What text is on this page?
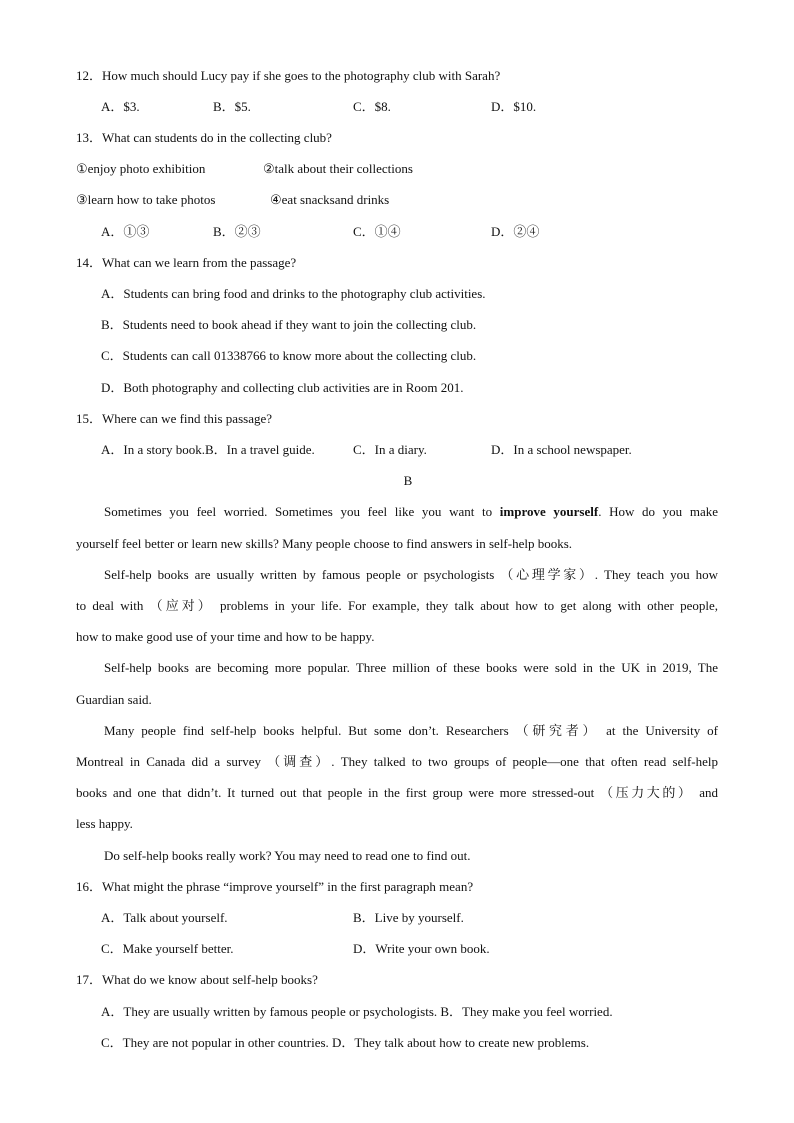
12．How much should Lucy pay if she goes to the photography club with Sarah?
A．$3.	B．$5.	C．$8.	D．$10.
13．What can students do in the collecting club?
①enjoy photo exhibition	②talk about their collections
③learn how to take photos	④eat snacksand drinks
A．①③	B．②③	C．①④	D．②④
14．What can we learn from the passage?
A．Students can bring food and drinks to the photography club activities.
B．Students need to book ahead if they want to join the collecting club.
C．Students can call 01338766 to know more about the collecting club.
D．Both photography and collecting club activities are in Room 201.
15．Where can we find this passage?
A．In a story book.B．In a travel guide.	C．In a diary.	D．In a school newspaper.
B
Sometimes you feel worried. Sometimes you feel like you want to improve yourself. How do you make
yourself feel better or learn new skills? Many people choose to find answers in self-help books.
Self-help books are usually written by famous people or psychologists （心理学家）. They teach you how
to deal with （应对） problems in your life. For example, they talk about how to get along with other people,
how to make good use of your time and how to be happy.
Self-help books are becoming more popular. Three million of these books were sold in the UK in 2019, The
Guardian said.
Many people find self-help books helpful. But some don’t. Researchers （研究者） at the University of
Montreal in Canada did a survey （调查）. They talked to two groups of people—one that often read self-help
books and one that didn’t. It turned out that people in the first group were more stressed-out （压力大的） and
less happy.
Do self-help books really work? You may need to read one to find out.
16．What might the phrase “improve yourself” in the first paragraph mean?
A．Talk about yourself.	B．Live by yourself.
C．Make yourself better.	D．Write your own book.
17．What do we know about self-help books?
A．They are usually written by famous people or psychologists. B．They make you feel worried.
C．They are not popular in other countries. D．They talk about how to create new problems.
